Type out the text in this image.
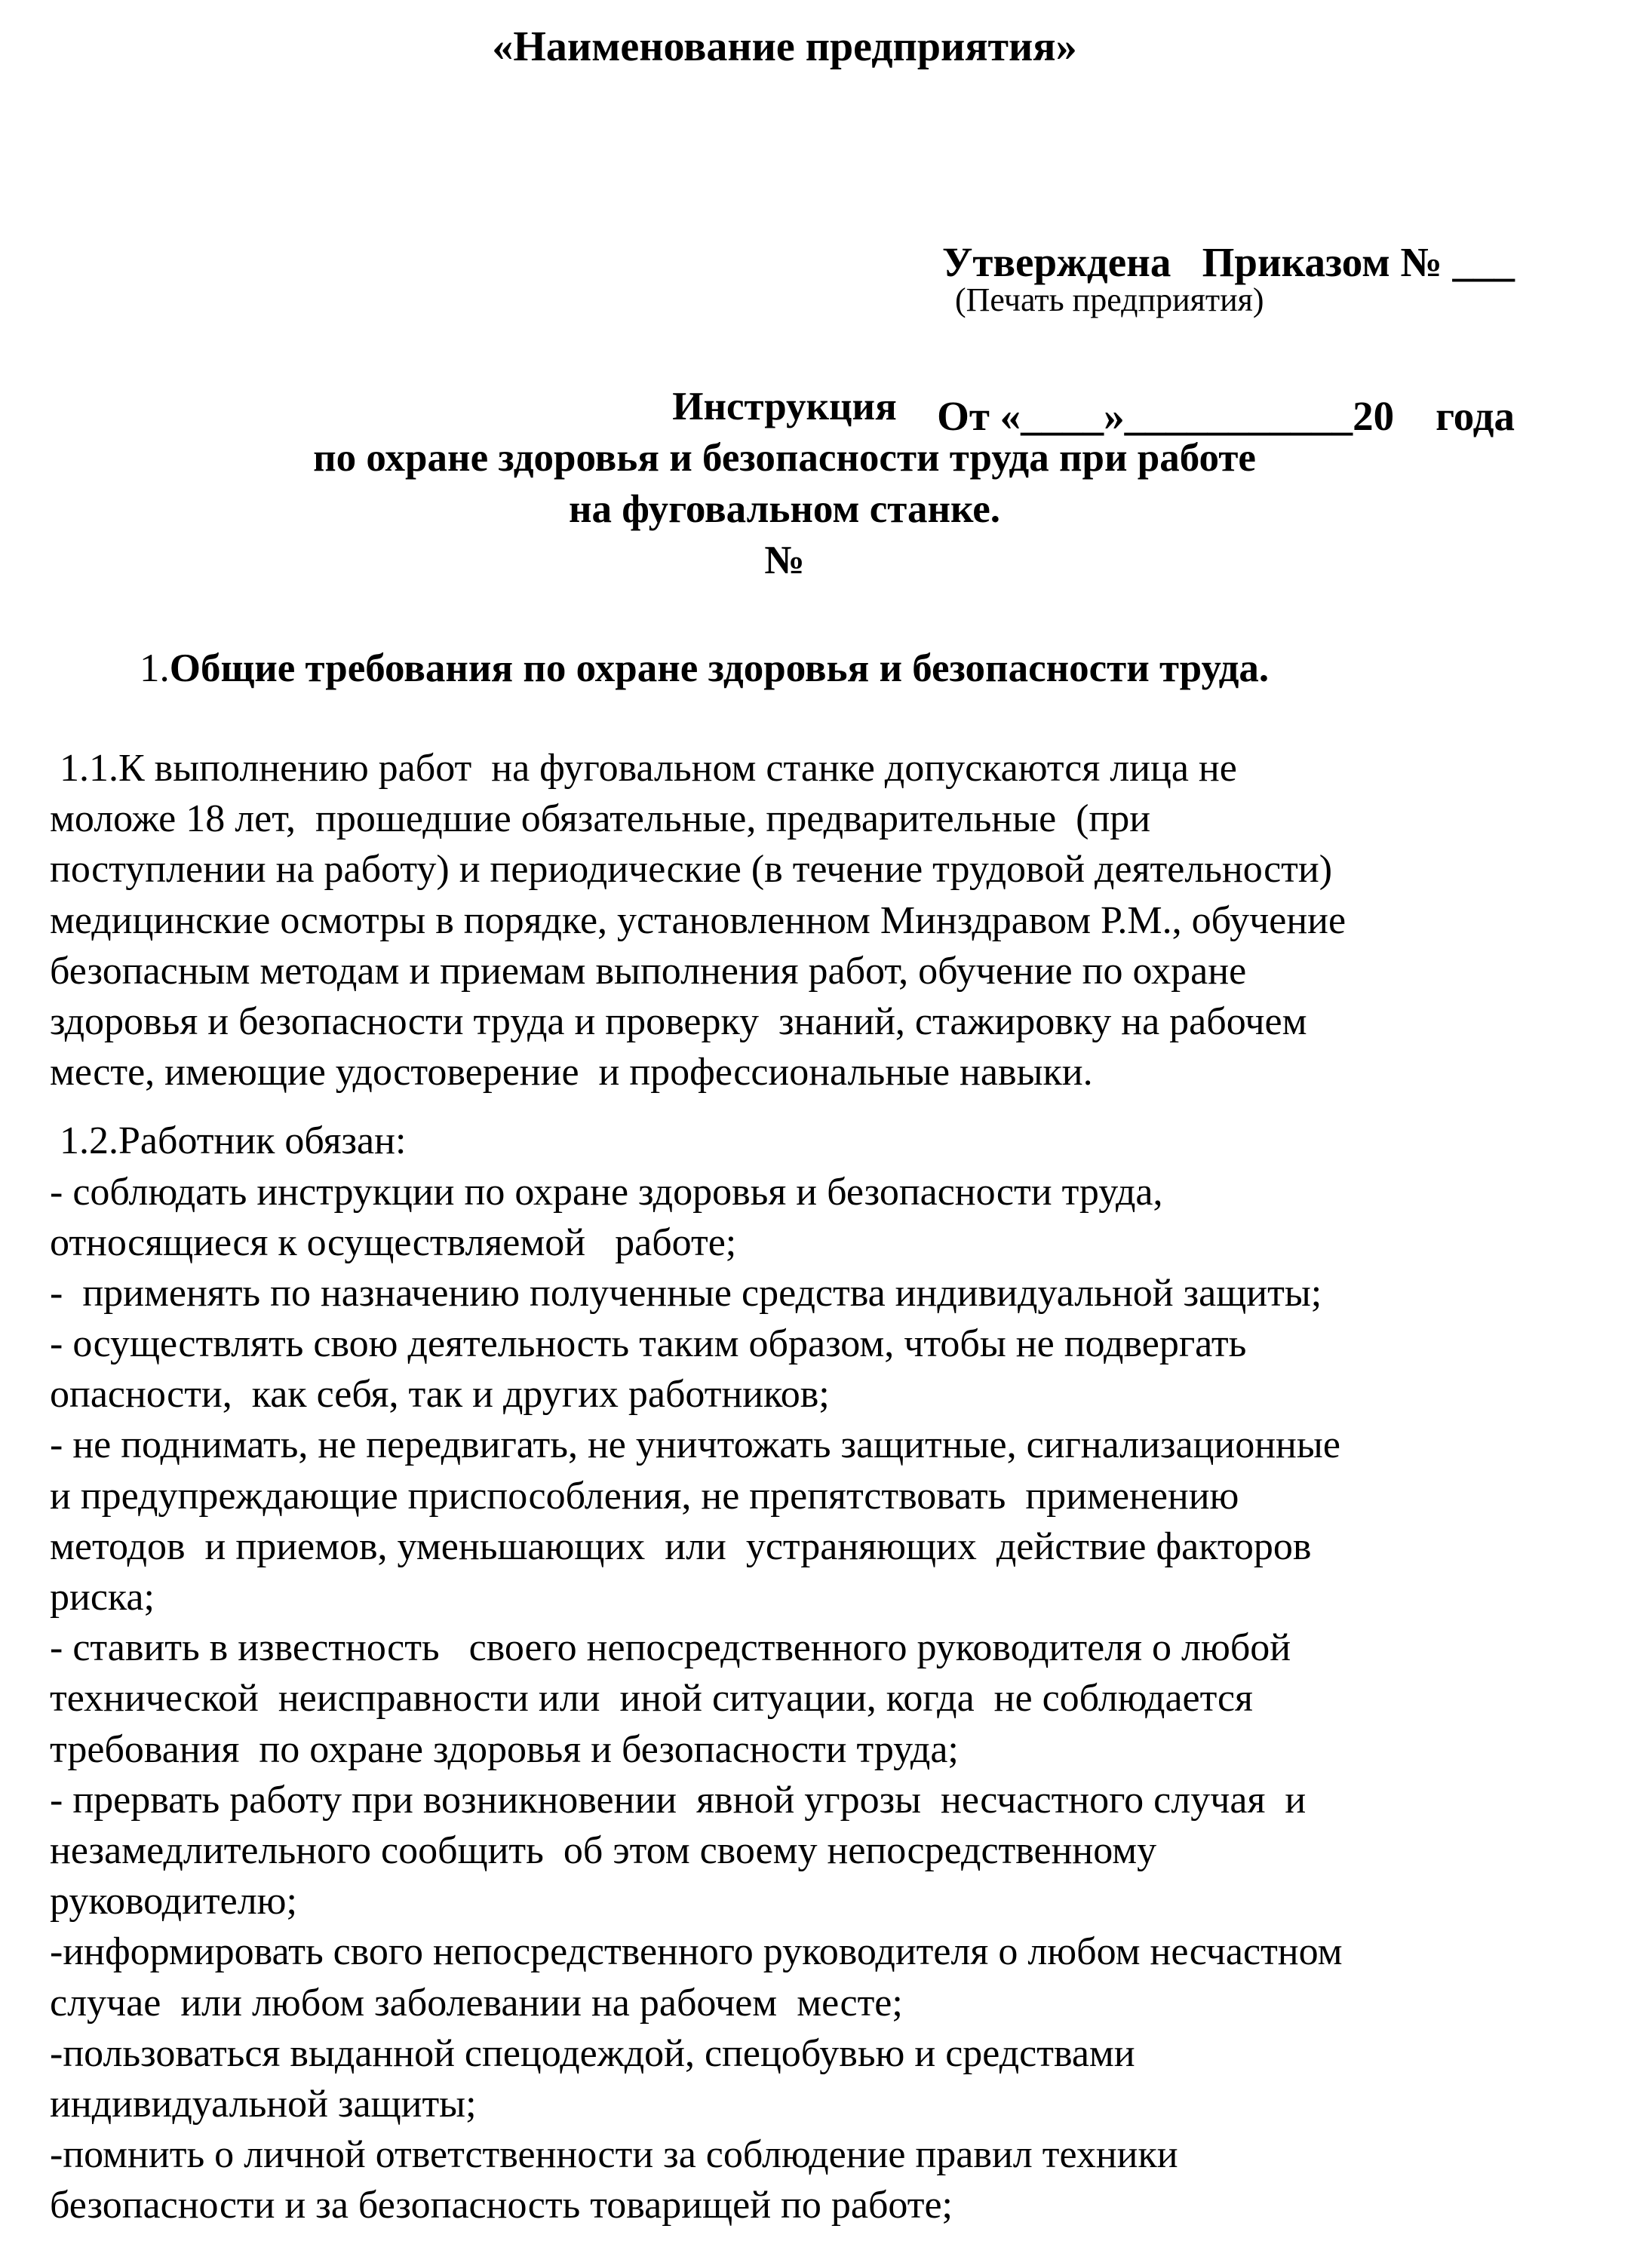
«Наименование предприятия»

Утверждена   Приказом № ___

От «____»___________20    года

(Печать предприятия)
Инструкция
по охране здоровья и безопасности труда при работе
на фуговальном станке.
№
1.Общие требования по охране здоровья и безопасности труда.
1.1.К выполнению работ  на фуговальном станке допускаются лица не
моложе 18 лет,  прошедшие обязательные, предварительные  (при
поступлении на работу) и периодические (в течение трудовой деятельности)
медицинские осмотры в порядке, установленном Минздравом Р.М., обучение
безопасным методам и приемам выполнения работ, обучение по охране
здоровья и безопасности труда и проверку  знаний, стажировку на рабочем
месте, имеющие удостоверение  и профессиональные навыки.
1.2.Работник обязан:
- соблюдать инструкции по охране здоровья и безопасности труда,
относящиеся к осуществляемой   работе;
-  применять по назначению полученные средства индивидуальной защиты;
- осуществлять свою деятельность таким образом, чтобы не подвергать
опасности,  как себя, так и других работников;
- не поднимать, не передвигать, не уничтожать защитные, сигнализационные
и предупреждающие приспособления, не препятствовать  применению
методов  и приемов, уменьшающих  или  устраняющих  действие факторов
риска;
- ставить в известность   своего непосредственного руководителя о любой
технической  неисправности или  иной ситуации, когда  не соблюдается
требования  по охране здоровья и безопасности труда;
- прервать работу при возникновении  явной угрозы  несчастного случая  и
незамедлительного сообщить  об этом своему непосредственному
руководителю;
-информировать свого непосредственного руководителя о любом несчастном
случае  или любом заболевании на рабочем  месте;
-пользоваться выданной спецодеждой, спецобувью и средствами
индивидуальной защиты;
-помнить о личной ответственности за соблюдение правил техники
безопасности и за безопасность товарищей по работе;
